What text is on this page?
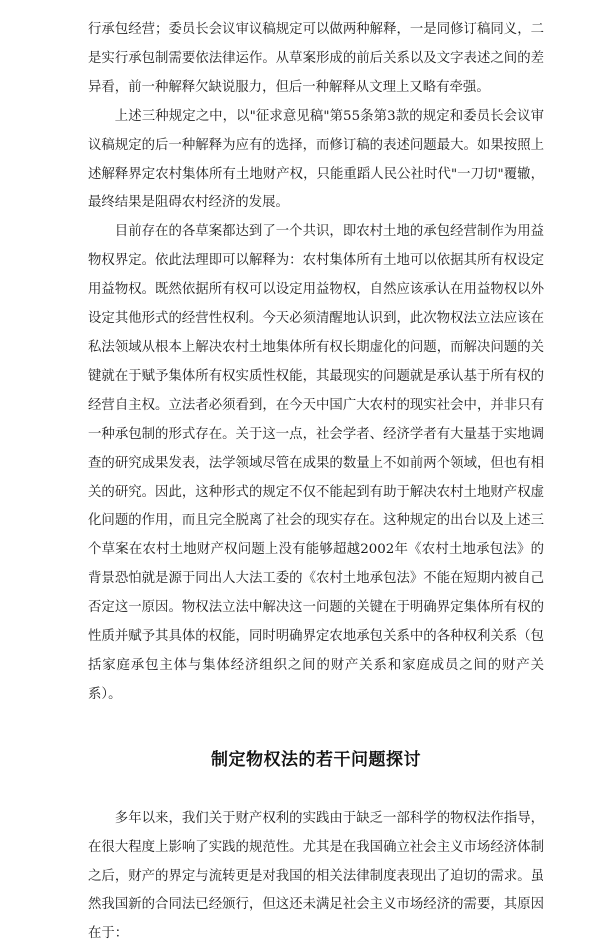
行承包经营；委员长会议审议稿规定可以做两种解释，一是同修订稿同义，二是实行承包制需要依法律运作。从草案形成的前后关系以及文字表述之间的差异看，前一种解释欠缺说服力，但后一种解释从文理上又略有牵强。

上述三种规定之中，以"征求意见稿"第55条第3款的规定和委员长会议审议稿规定的后一种解释为应有的选择，而修订稿的表述问题最大。如果按照上述解释界定农村集体所有土地财产权，只能重蹈人民公社时代"一刀切"覆辙，最终结果是阻碍农村经济的发展。

目前存在的各草案都达到了一个共识，即农村土地的承包经营制作为用益物权界定。依此法理即可以解释为：农村集体所有土地可以依据其所有权设定用益物权。既然依据所有权可以设定用益物权，自然应该承认在用益物权以外设定其他形式的经营性权利。今天必须清醒地认识到，此次物权法立法应该在私法领域从根本上解决农村土地集体所有权长期虚化的问题，而解决问题的关键就在于赋予集体所有权实质性权能，其最现实的问题就是承认基于所有权的经营自主权。立法者必须看到，在今天中国广大农村的现实社会中，并非只有一种承包制的形式存在。关于这一点，社会学者、经济学者有大量基于实地调查的研究成果发表，法学领域尽管在成果的数量上不如前两个领域，但也有相关的研究。因此，这种形式的规定不仅不能起到有助于解决农村土地财产权虚化问题的作用，而且完全脱离了社会的现实存在。这种规定的出台以及上述三个草案在农村土地财产权问题上没有能够超越2002年《农村土地承包法》的背景恐怕就是源于同出人大法工委的《农村土地承包法》不能在短期内被自己否定这一原因。物权法立法中解决这一问题的关键在于明确界定集体所有权的性质并赋予其具体的权能，同时明确界定农地承包关系中的各种权利关系（包括家庭承包主体与集体经济组织之间的财产关系和家庭成员之间的财产关系）。

制定物权法的若干问题探讨

多年以来，我们关于财产权利的实践由于缺乏一部科学的物权法作指导，在很大程度上影响了实践的规范性。尤其是在我国确立社会主义市场经济体制之后，财产的界定与流转更是对我国的相关法律制度表现出了迫切的需求。虽然我国新的合同法已经颁行，但这还未满足社会主义市场经济的需要，其原因在于：
